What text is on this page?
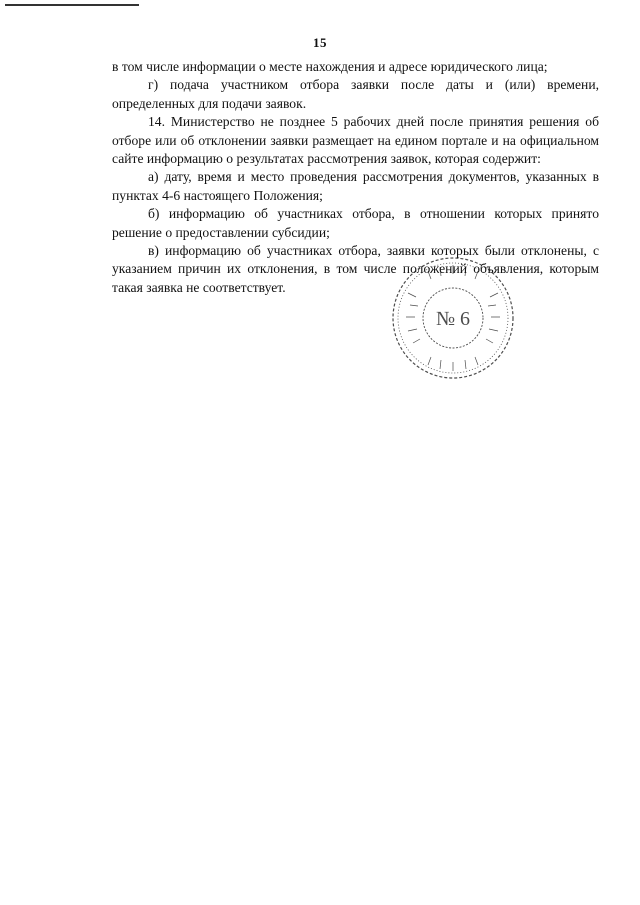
15

в том числе информации о месте нахождения и адресе юридического лица;

г) подача участником отбора заявки после даты и (или) времени, определенных для подачи заявок.

14. Министерство не позднее 5 рабочих дней после принятия решения об отборе или об отклонении заявки размещает на едином портале и на официальном сайте информацию о результатах рассмотрения заявок, которая содержит:

а) дату, время и место проведения рассмотрения документов, указанных в пунктах 4-6 настоящего Положения;

б) информацию об участниках отбора, в отношении которых принято решение о предоставлении субсидии;

в) информацию об участниках отбора, заявки которых были отклонены, с указанием причин их отклонения, в том числе положений объявления, которым такая заявка не соответствует.

№ 6
